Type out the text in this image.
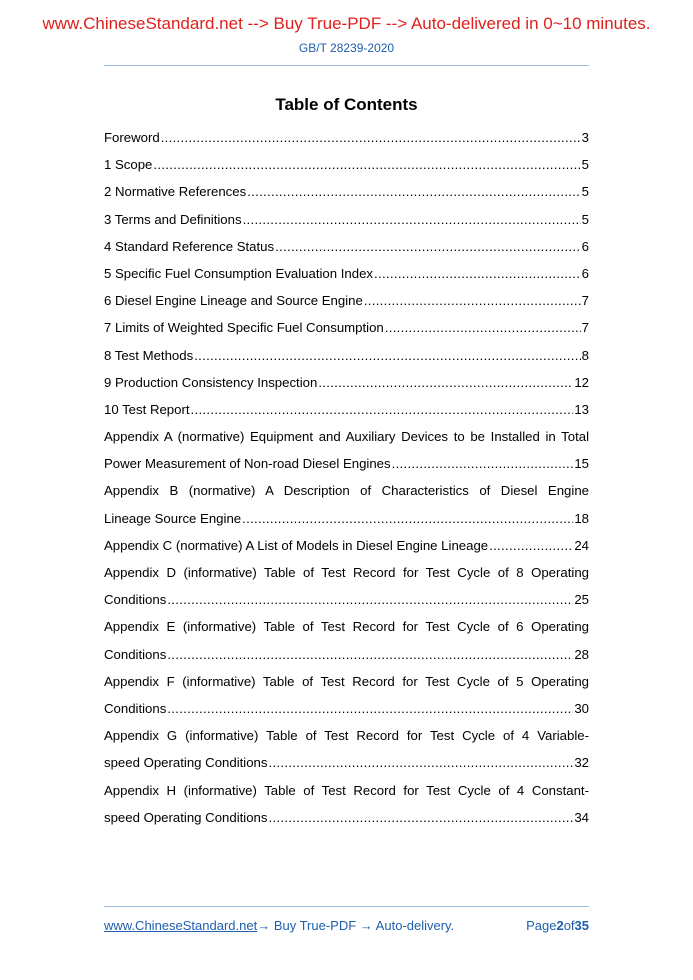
www.ChineseStandard.net --> Buy True-PDF --> Auto-delivered in 0~10 minutes.
GB/T 28239-2020
Table of Contents
Foreword .....	3
1 Scope .....	5
2 Normative References .....	5
3 Terms and Definitions .....	5
4 Standard Reference Status .....	6
5 Specific Fuel Consumption Evaluation Index .....	6
6 Diesel Engine Lineage and Source Engine .....	7
7 Limits of Weighted Specific Fuel Consumption .....	7
8 Test Methods .....	8
9 Production Consistency Inspection .....	12
10 Test Report .....	13
Appendix A (normative) Equipment and Auxiliary Devices to be Installed in Total
Power Measurement of Non-road Diesel Engines .....	15
Appendix B (normative) A Description of Characteristics of Diesel Engine
Lineage Source Engine .....	18
Appendix C (normative) A List of Models in Diesel Engine Lineage .....	24
Appendix D (informative) Table of Test Record for Test Cycle of 8 Operating
Conditions .....	25
Appendix E (informative) Table of Test Record for Test Cycle of 6 Operating
Conditions .....	28
Appendix F (informative) Table of Test Record for Test Cycle of 5 Operating
Conditions .....	30
Appendix G (informative) Table of Test Record for Test Cycle of 4 Variable-
speed Operating Conditions .....	32
Appendix H (informative) Table of Test Record for Test Cycle of 4 Constant-
speed Operating Conditions .....	34
www.ChineseStandard.net → Buy True-PDF → Auto-delivery.	Page 2 of 35
